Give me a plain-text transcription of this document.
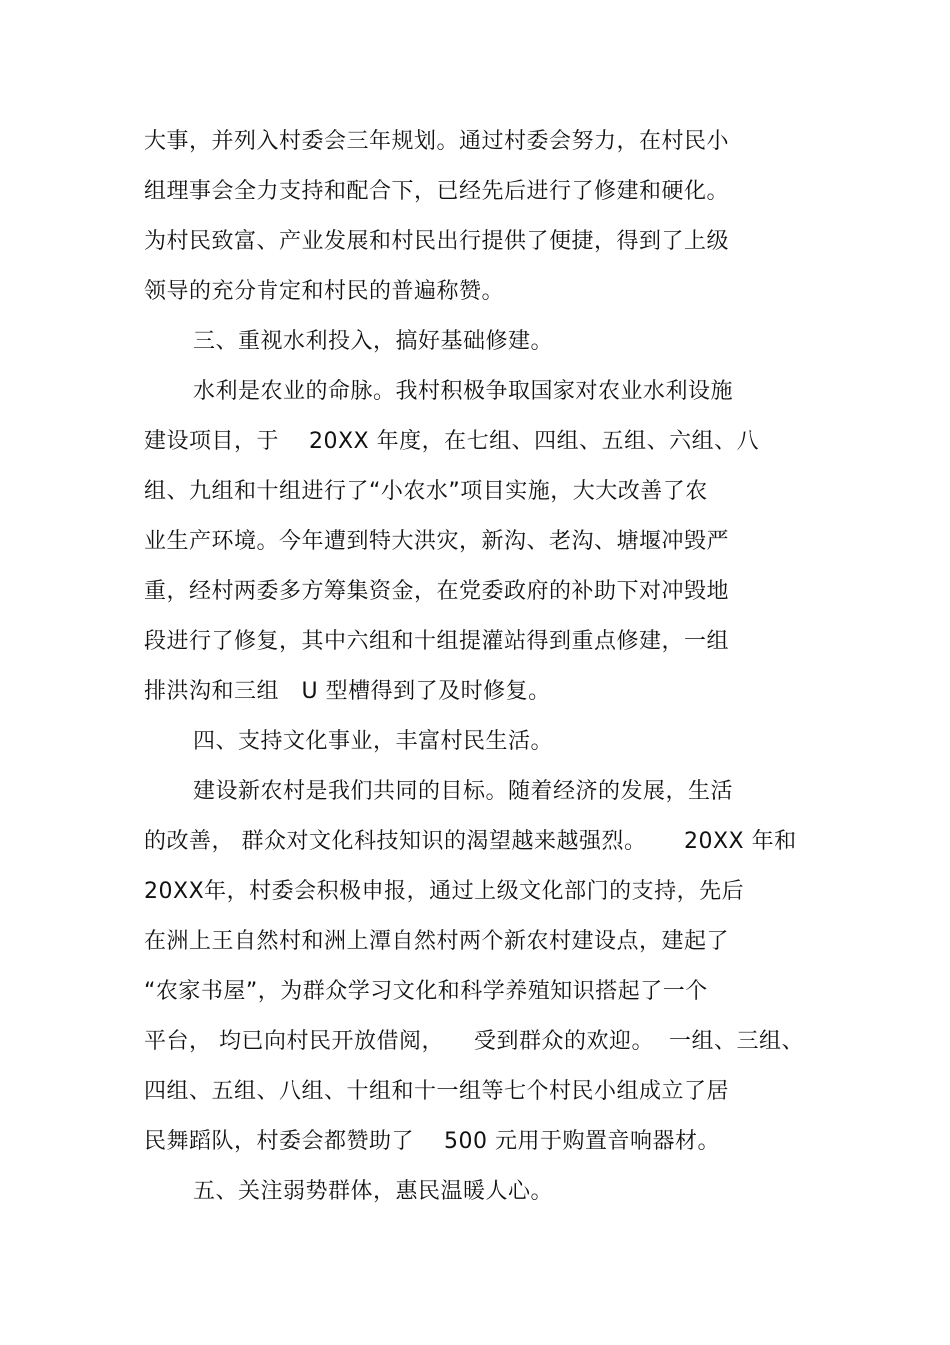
大事，并列入村委会三年规划。通过村委会努力，在村民小
组理事会全力支持和配合下，已经先后进行了修建和硬化。
为村民致富、产业发展和村民出行提供了便捷，得到了上级
领导的充分肯定和村民的普遍称赞。
三、重视水利投入，搞好基础修建。
水利是农业的命脉。我村积极争取国家对农业水利设施
建设项目，于    20XX 年度，在七组、四组、五组、六组、八
组、九组和十组进行了“小农水”项目实施，大大改善了农
业生产环境。今年遭到特大洪灾，新沟、老沟、塘堰冲毁严
重，经村两委多方筹集资金，在党委政府的补助下对冲毁地
段进行了修复，其中六组和十组提灌站得到重点修建，一组
排洪沟和三组   U 型槽得到了及时修复。
四、支持文化事业，丰富村民生活。
建设新农村是我们共同的目标。随着经济的发展，生活
的改善， 群众对文化科技知识的渴望越来越强烈。     20XX 年和
20XX年，村委会积极申报，通过上级文化部门的支持，先后
在洲上王自然村和洲上潭自然村两个新农村建设点，建起了
“农家书屋”，为群众学习文化和科学养殖知识搭起了一个
平台， 均已向村民开放借阅，    受到群众的欢迎。  一组、三组、
四组、五组、八组、十组和十一组等七个村民小组成立了居
民舞蹈队，村委会都赞助了    500 元用于购置音响器材。
五、关注弱势群体，惠民温暖人心。
